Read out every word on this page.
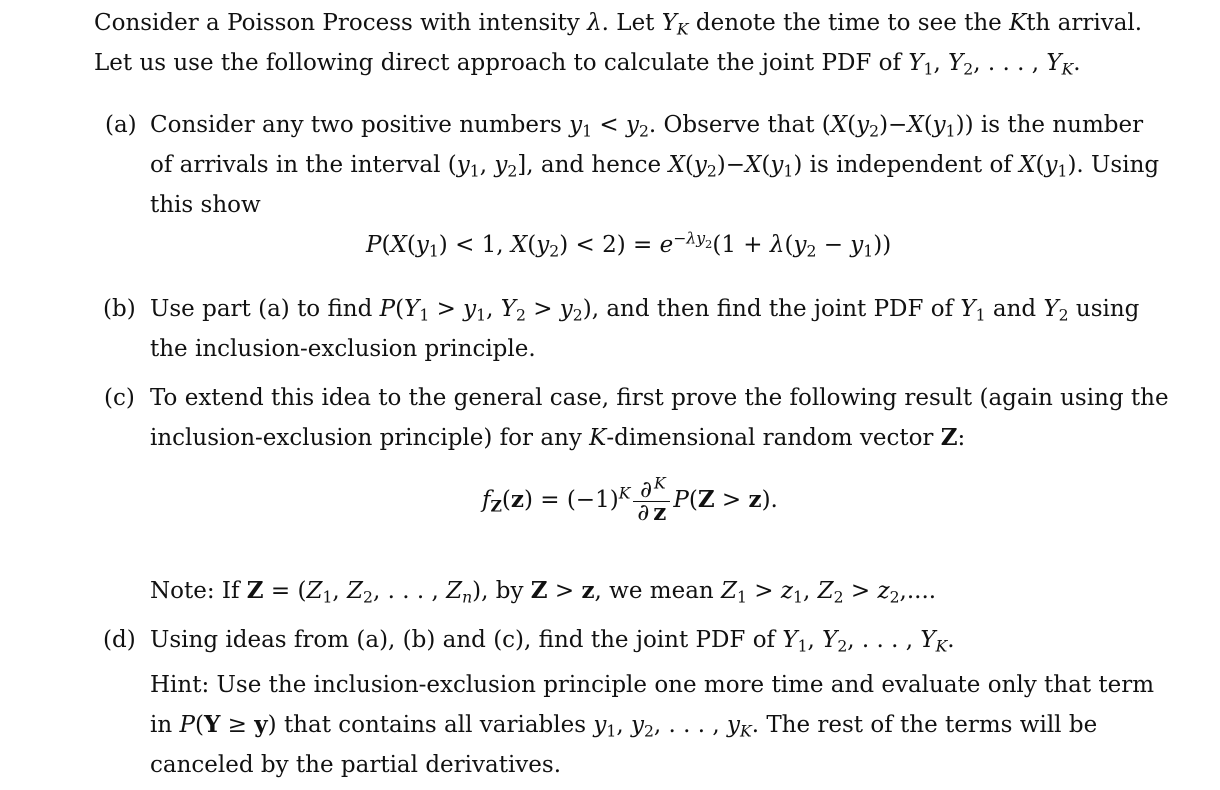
Consider a Poisson Process with intensity λ. Let $Y_K$ denote the time to see the Kth arrival.
Let us use the following direct approach to calculate the joint PDF of $Y_1$, $Y_2$, . . . , $Y_K$.
(a) Consider any two positive numbers $y_1 < y_2$. Observe that $(X(y_2)-X(y_1))$ is the number
of arrivals in the interval ($y_1$, $y_2$], and hence $X(y_2)-X(y_1)$ is independent of $X(y_1)$. Using
this show
$P(X(y_1) < 1$, $X(y_2) < 2) = e^{-\lambda y2}(1 + \lambda(y_2 - y_1))$
(b) Use part (a) to find $P(Y_1 > y_1$, $Y_2 > y_2$), and then find the joint PDF of $Y_1$ and $Y_2$ using
the inclusion-exclusion principle.
(c) To extend this idea to the general case, first prove the following result (again using the
inclusion-exclusion principle) for any K-dimensional random vector Z:
$f_Z(z) = (-1)^K \frac{\partial ^K}{\partial z} P(Z > z)$.
Note: If $Z = (Z_1$, $Z_2$, . . . , $Z_n$), by Z > z, we mean $Z_1 > z_1$, $Z_2 > z_2$,....
(d) Using ideas from (a), (b) and (c), find the joint PDF of $Y_1$, $Y_2$, . . . , $Y_K$.
Hint: Use the inclusion-exclusion principle one more time and evaluate only that term
in P(Y ≥ y) that contains all variables $y_1$, $y_2$, . . . , $y_K$. The rest of the terms will be
canceled by the partial derivatives.
